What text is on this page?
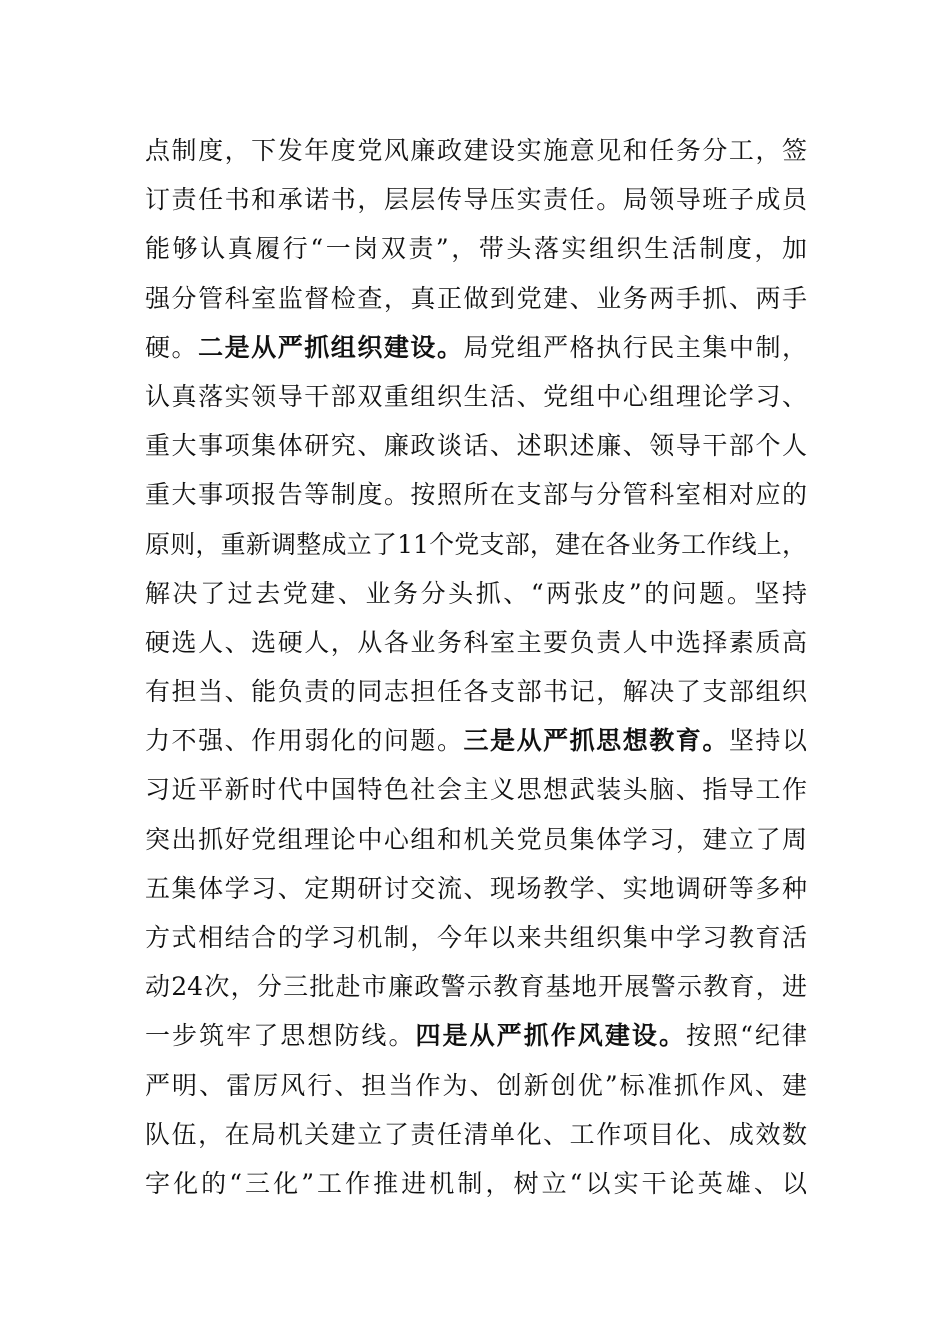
点制度，下发年度党风廉政建设实施意见和任务分工，签
订责任书和承诺书，层层传导压实责任。局领导班子成员
能够认真履行“一岗双责”，带头落实组织生活制度，加
强分管科室监督检查，真正做到党建、业务两手抓、两手
硬。二是从严抓组织建设。局党组严格执行民主集中制，
认真落实领导干部双重组织生活、党组中心组理论学习、
重大事项集体研究、廉政谈话、述职述廉、领导干部个人
重大事项报告等制度。按照所在支部与分管科室相对应的
原则，重新调整成立了11个党支部，建在各业务工作线上，
解决了过去党建、业务分头抓、“两张皮”的问题。坚持
硬选人、选硬人，从各业务科室主要负责人中选择素质高
有担当、能负责的同志担任各支部书记，解决了支部组织
力不强、作用弱化的问题。三是从严抓思想教育。坚持以
习近平新时代中国特色社会主义思想武装头脑、指导工作
突出抓好党组理论中心组和机关党员集体学习，建立了周
五集体学习、定期研讨交流、现场教学、实地调研等多种
方式相结合的学习机制，今年以来共组织集中学习教育活
动24次，分三批赴市廉政警示教育基地开展警示教育，进
一步筑牢了思想防线。四是从严抓作风建设。按照“纪律
严明、雷厉风行、担当作为、创新创优”标准抓作风、建
队伍，在局机关建立了责任清单化、工作项目化、成效数
字化的“三化”工作推进机制，树立“以实干论英雄、以
